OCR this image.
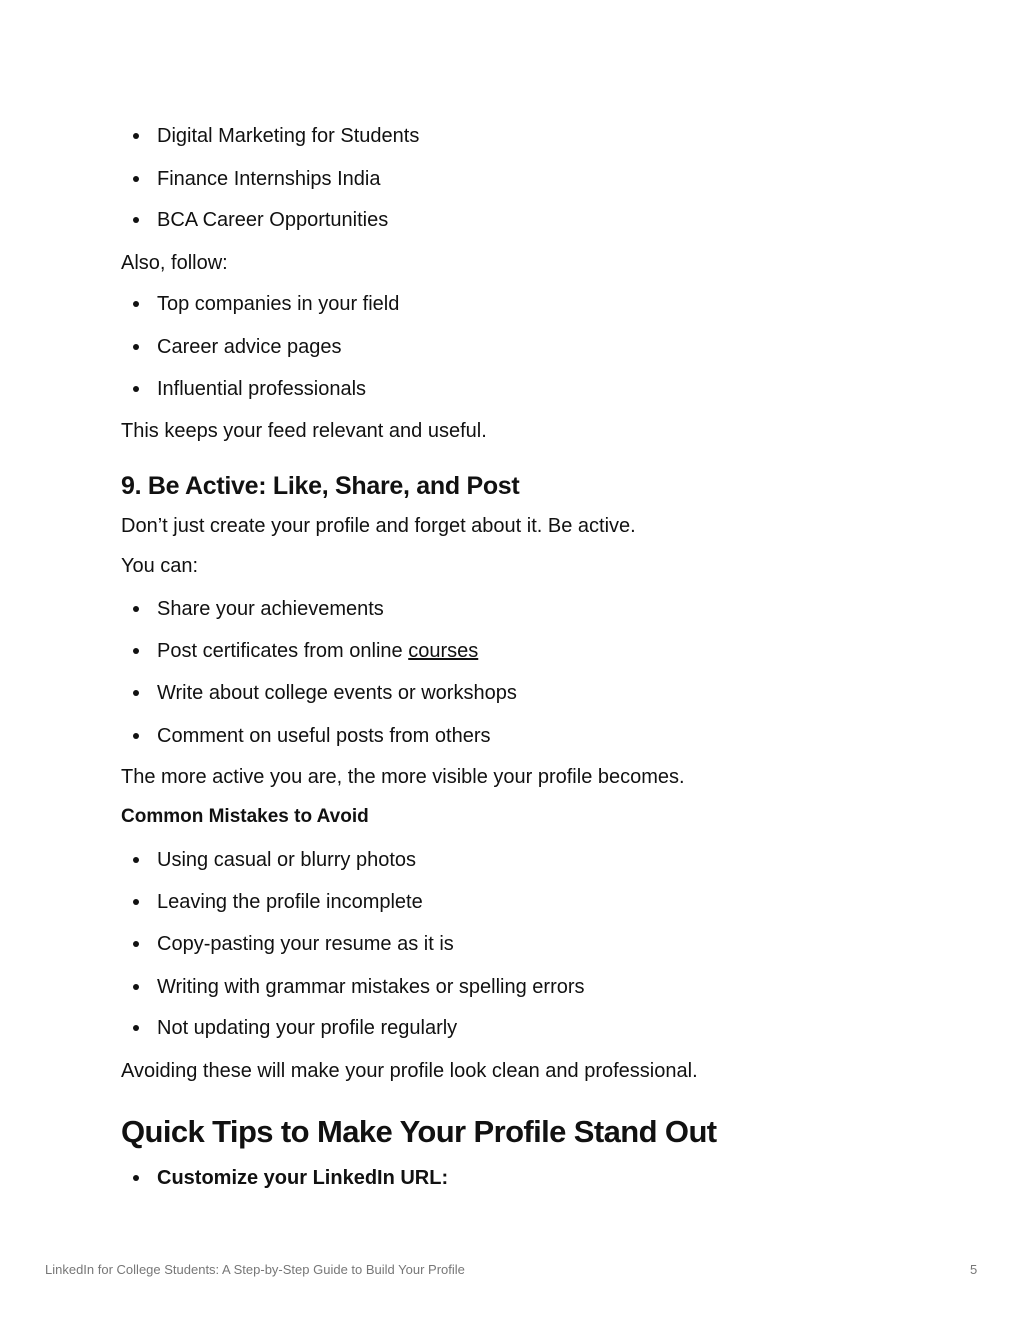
Digital Marketing for Students
Finance Internships India
BCA Career Opportunities
Also, follow:
Top companies in your field
Career advice pages
Influential professionals
This keeps your feed relevant and useful.
9. Be Active: Like, Share, and Post
Don’t just create your profile and forget about it. Be active.
You can:
Share your achievements
Post certificates from online courses
Write about college events or workshops
Comment on useful posts from others
The more active you are, the more visible your profile becomes.
Common Mistakes to Avoid
Using casual or blurry photos
Leaving the profile incomplete
Copy-pasting your resume as it is
Writing with grammar mistakes or spelling errors
Not updating your profile regularly
Avoiding these will make your profile look clean and professional.
Quick Tips to Make Your Profile Stand Out
Customize your LinkedIn URL:
LinkedIn for College Students: A Step-by-Step Guide to Build Your Profile	5
